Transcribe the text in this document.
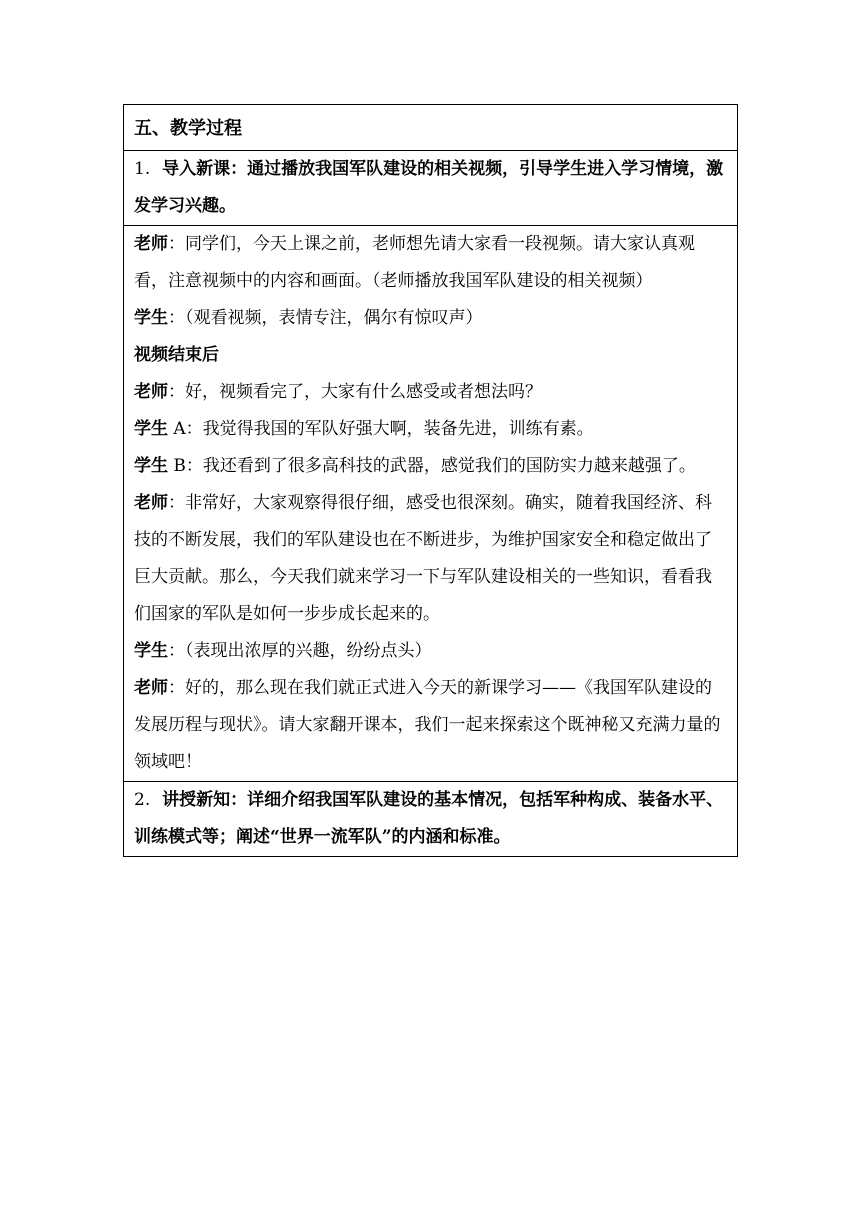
五、教学过程
1. 导入新课：通过播放我国军队建设的相关视频，引导学生进入学习情境，激发学习兴趣。

老师：同学们，今天上课之前，老师想先请大家看一段视频。请大家认真观看，注意视频中的内容和画面。（老师播放我国军队建设的相关视频）
学生：（观看视频，表情专注，偶尔有惊叹声）
视频结束后
老师：好，视频看完了，大家有什么感受或者想法吗？
学生 A：我觉得我国的军队好强大啊，装备先进，训练有素。
学生 B：我还看到了很多高科技的武器，感觉我们的国防实力越来越强了。
老师：非常好，大家观察得很仔细，感受也很深刻。确实，随着我国经济、科技的不断发展，我们的军队建设也在不断进步，为维护国家安全和稳定做出了巨大贡献。那么，今天我们就来学习一下与军队建设相关的一些知识，看看我们国家的军队是如何一步步成长起来的。
学生：（表现出浓厚的兴趣，纷纷点头）
老师：好的，那么现在我们就正式进入今天的新课学习——《我国军队建设的发展历程与现状》。请大家翻开课本，我们一起来探索这个既神秘又充满力量的领域吧！

2. 讲授新知：详细介绍我国军队建设的基本情况，包括军种构成、装备水平、训练模式等；阐述“世界一流军队”的内涵和标准。
